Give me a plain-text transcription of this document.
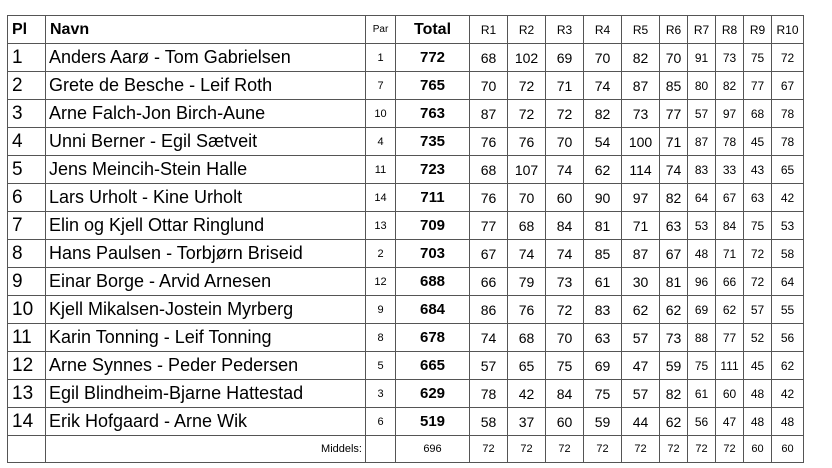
Pl	Navn	Par	Total	R1	R2	R3	R4	R5	R6	R7	R8	R9	R10
1	Anders Aarø - Tom Gabrielsen	1	772	68	102	69	70	82	70	91	73	75	72
2	Grete de Besche - Leif Roth	7	765	70	72	71	74	87	85	80	82	77	67
3	Arne Falch-Jon Birch-Aune	10	763	87	72	72	82	73	77	57	97	68	78
4	Unni Berner - Egil Sætveit	4	735	76	76	70	54	100	71	87	78	45	78
5	Jens Meincih-Stein Halle	11	723	68	107	74	62	114	74	83	33	43	65
6	Lars Urholt - Kine Urholt	14	711	76	70	60	90	97	82	64	67	63	42
7	Elin og Kjell Ottar Ringlund	13	709	77	68	84	81	71	63	53	84	75	53
8	Hans Paulsen - Torbjørn Briseid	2	703	67	74	74	85	87	67	48	71	72	58
9	Einar Borge - Arvid Arnesen	12	688	66	79	73	61	30	81	96	66	72	64
10	Kjell Mikalsen-Jostein Myrberg	9	684	86	76	72	83	62	62	69	62	57	55
11	Karin Tonning - Leif Tonning	8	678	74	68	70	63	57	73	88	77	52	56
12	Arne Synnes - Peder Pedersen	5	665	57	65	75	69	47	59	75	111	45	62
13	Egil Blindheim-Bjarne Hattestad	3	629	78	42	84	75	57	82	61	60	48	42
14	Erik Hofgaard - Arne Wik	6	519	58	37	60	59	44	62	56	47	48	48
	Middels:		696	72	72	72	72	72	72	72	72	60	60
